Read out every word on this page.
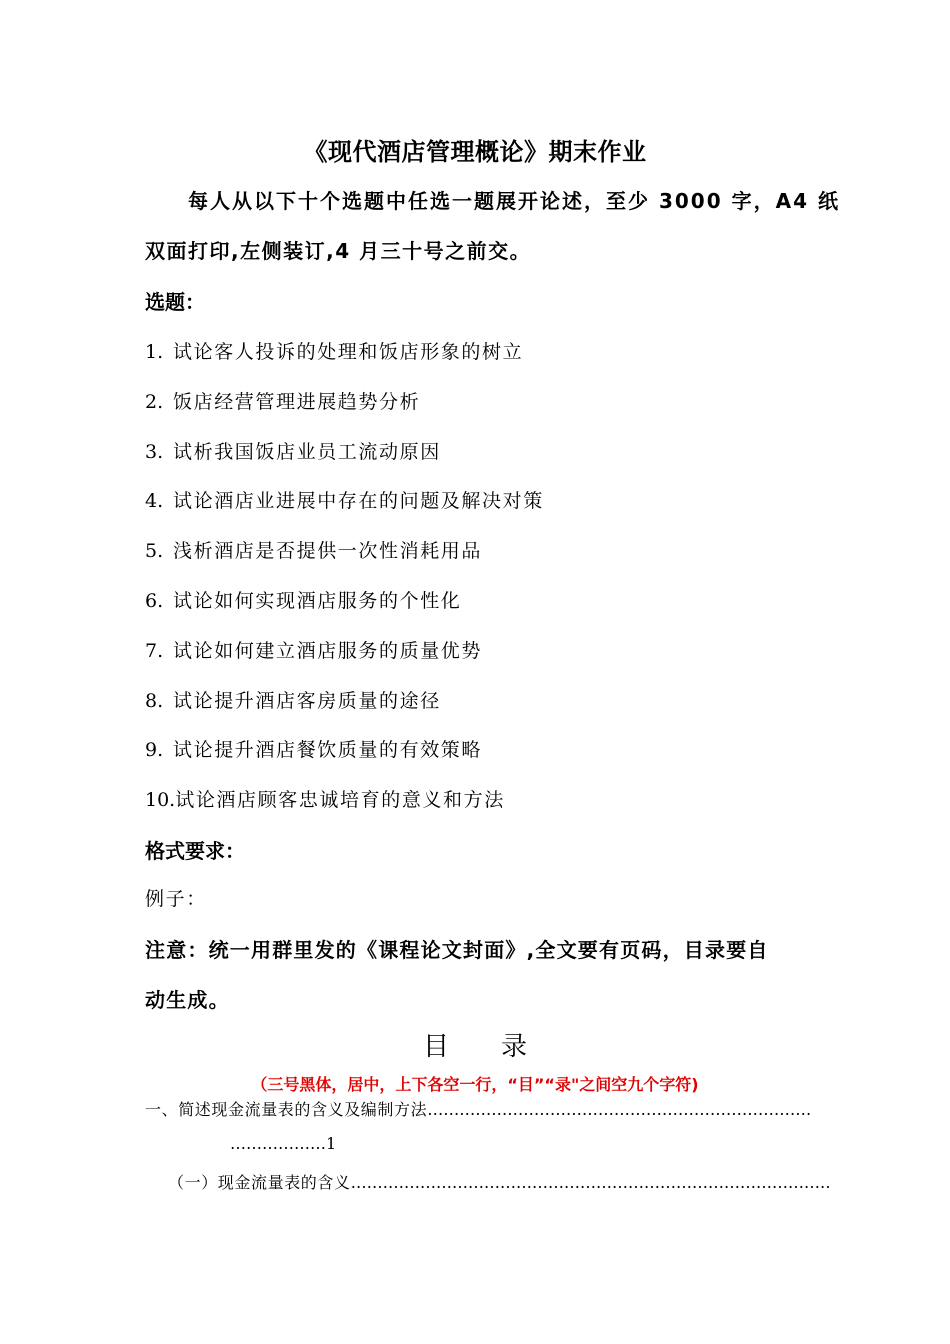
《现代酒店管理概论》期末作业
每人从以下十个选题中任选一题展开论述，至少 3000 字，A4 纸
双面打印,左侧装订,4 月三十号之前交。
选题：
1. 试论客人投诉的处理和饭店形象的树立
2. 饭店经营管理进展趋势分析
3. 试析我国饭店业员工流动原因
4. 试论酒店业进展中存在的问题及解决对策
5. 浅析酒店是否提供一次性消耗用品
6. 试论如何实现酒店服务的个性化
7. 试论如何建立酒店服务的质量优势
8. 试论提升酒店客房质量的途径
9. 试论提升酒店餐饮质量的有效策略
10.试论酒店顾客忠诚培育的意义和方法
格式要求：
例子：
注意：统一用群里发的《课程论文封面》,全文要有页码，目录要自
动生成。
目 录
（三号黑体，居中，上下各空一行，“目”“录"之间空九个字符)
一、简述现金流量表的含义及编制方法………………………………………………………………
………………1
（一）现金流量表的含义………………………………………………………………………………
